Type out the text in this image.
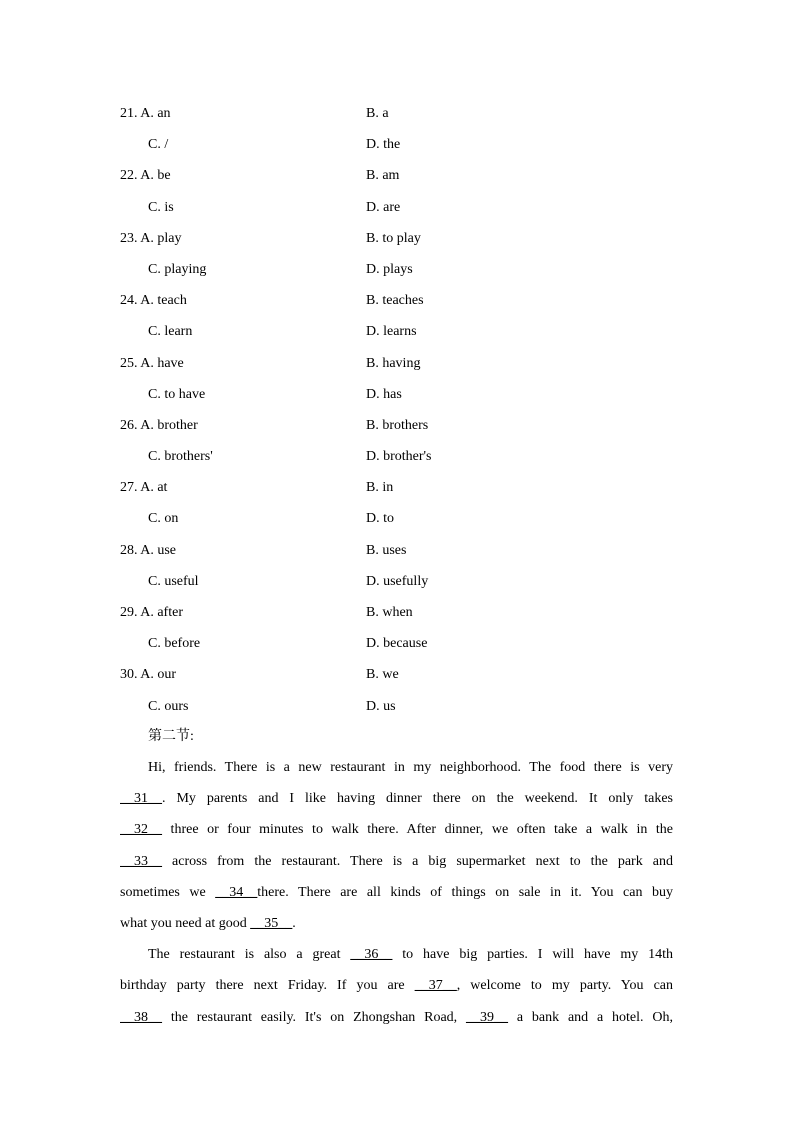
21. A. an	B. a
C. /	D. the
22. A. be	B. am
C. is	D. are
23. A. play	B. to play
C. playing	D. plays
24. A. teach	B. teaches
C. learn	D. learns
25. A. have	B. having
C. to have	D. has
26. A. brother	B. brothers
C. brothers'	D. brother's
27. A. at	B. in
C. on	D. to
28. A. use	B. uses
C. useful	D. usefully
29. A. after	B. when
C. before	D. because
30. A. our	B. we
C. ours	D. us
第二节:
Hi, friends. There is a new restaurant in my neighborhood. The food there is very
__31__. My parents and I like having dinner there on the weekend. It only takes
__32__ three or four minutes to walk there. After dinner, we often take a walk in the
__33__ across from the restaurant. There is a big supermarket next to the park and
sometimes we __34__there. There are all kinds of things on sale in it. You can buy
what you need at good __35__.
The restaurant is also a great __36__ to have big parties. I will have my 14th
birthday party there next Friday. If you are __37__, welcome to my party. You can
__38__ the restaurant easily. It's on Zhongshan Road, __39__ a bank and a hotel. Oh,
